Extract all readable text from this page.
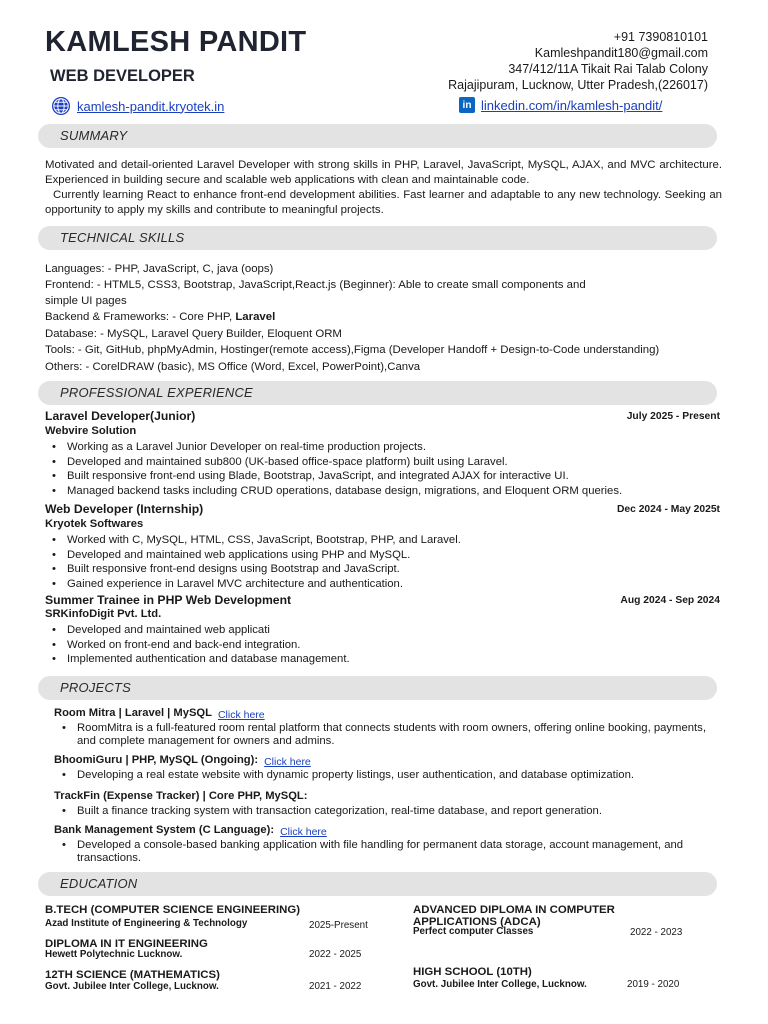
KAMLESH PANDIT
WEB DEVELOPER
kamlesh-pandit.kryotek.in
+91 7390810101
Kamleshpandit180@gmail.com
347/412/11A Tikait Rai Talab Colony
Rajajipuram, Lucknow, Utter Pradesh,(226017)
in linkedin.com/in/kamlesh-pandit/
SUMMARY
Motivated and detail-oriented Laravel Developer with strong skills in PHP, Laravel, JavaScript, MySQL, AJAX, and MVC architecture. Experienced in building secure and scalable web applications with clean and maintainable code.
Currently learning React to enhance front-end development abilities. Fast learner and adaptable to any new technology. Seeking an opportunity to apply my skills and contribute to meaningful projects.
TECHNICAL SKILLS
Languages: - PHP, JavaScript, C, java (oops)
Frontend: - HTML5, CSS3, Bootstrap, JavaScript,React.js (Beginner): Able to create small components and
simple UI pages
Backend & Frameworks: - Core PHP, Laravel
Database: - MySQL, Laravel Query Builder, Eloquent ORM
Tools: - Git, GitHub, phpMyAdmin, Hostinger(remote access),Figma (Developer Handoff + Design-to-Code understanding)
Others: - CorelDRAW (basic), MS Office (Word, Excel, PowerPoint),Canva
PROFESSIONAL EXPERIENCE
Laravel Developer(Junior)	July 2025 - Present
Webvire Solution
• Working as a Laravel Junior Developer on real-time production projects.
• Developed and maintained sub800 (UK-based office-space platform) built using Laravel.
• Built responsive front-end using Blade, Bootstrap, JavaScript, and integrated AJAX for interactive UI.
• Managed backend tasks including CRUD operations, database design, migrations, and Eloquent ORM queries.
Web Developer (Internship)	Dec 2024 - May 2025t
Kryotek Softwares
• Worked with C, MySQL, HTML, CSS, JavaScript, Bootstrap, PHP, and Laravel.
• Developed and maintained web applications using PHP and MySQL.
• Built responsive front-end designs using Bootstrap and JavaScript.
• Gained experience in Laravel MVC architecture and authentication.
Summer Trainee in PHP Web Development	Aug 2024 - Sep 2024
SRKinfoDigit Pvt. Ltd.
• Developed and maintained web applicati
• Worked on front-end and back-end integration.
• Implemented authentication and database management.
PROJECTS
Room Mitra | Laravel | MySQL Click here
• RoomMitra is a full-featured room rental platform that connects students with room owners, offering online booking, payments, and complete management for owners and admins.
BhoomiGuru | PHP, MySQL (Ongoing): Click here
• Developing a real estate website with dynamic property listings, user authentication, and database optimization.
TrackFin (Expense Tracker) | Core PHP, MySQL:
• Built a finance tracking system with transaction categorization, real-time database, and report generation.
Bank Management System (C Language): Click here
• Developed a console-based banking application with file handling for permanent data storage, account management, and transactions.
EDUCATION
B.TECH (COMPUTER SCIENCE ENGINEERING)
Azad Institute of Engineering & Technology	2025-Present
DIPLOMA IN IT ENGINEERING
Hewett Polytechnic Lucknow.	2022 - 2025
12TH SCIENCE (MATHEMATICS)
Govt. Jubilee Inter College, Lucknow.	2021 - 2022
ADVANCED DIPLOMA IN COMPUTER APPLICATIONS (ADCA)
Perfect computer Classes	2022 - 2023
HIGH SCHOOL (10TH)
Govt. Jubilee Inter College, Lucknow.	2019 - 2020
